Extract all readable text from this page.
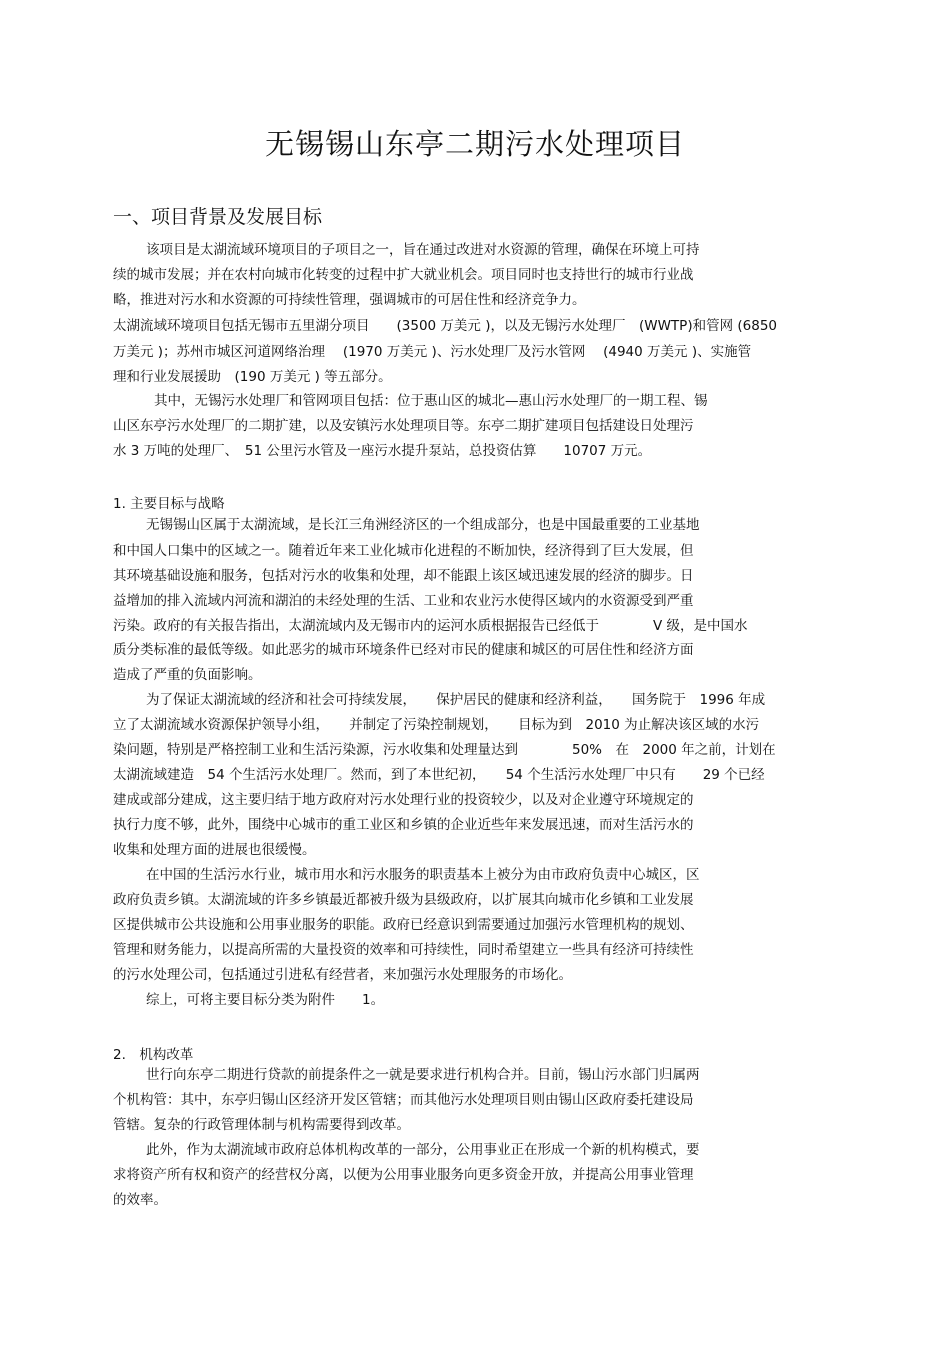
无锡锡山东亭二期污水处理项目
一、项目背景及发展目标
该项目是太湖流域环境项目的子项目之一，旨在通过改进对水资源的管理，确保在环境上可持
续的城市发展；并在农村向城市化转变的过程中扩大就业机会。项目同时也支持世行的城市行业战
略，推进对污水和水资源的可持续性管理，强调城市的可居住性和经济竞争力。
太湖流域环境项目包括无锡市五里湖分项目　　(3500 万美元 )，以及无锡污水处理厂　(WWTP)和管网 (6850
万美元 )；苏州市城区河道网络治理　 (1970 万美元 )、污水处理厂及污水管网　 (4940 万美元 )、实施管
理和行业发展援助　(190 万美元 ) 等五部分。
其中，无锡污水处理厂和管网项目包括：位于惠山区的城北—惠山污水处理厂的一期工程、锡
山区东亭污水处理厂的二期扩建，以及安镇污水处理项目等。东亭二期扩建项目包括建设日处理污
水 3 万吨的处理厂、　51 公里污水管及一座污水提升泵站，总投资估算　　10707 万元。
1. 主要目标与战略
无锡锡山区属于太湖流域，是长江三角洲经济区的一个组成部分，也是中国最重要的工业基地
和中国人口集中的区域之一。随着近年来工业化城市化进程的不断加快，经济得到了巨大发展，但
其环境基础设施和服务，包括对污水的收集和处理，却不能跟上该区域迅速发展的经济的脚步。日
益增加的排入流域内河流和湖泊的未经处理的生活、工业和农业污水使得区域内的水资源受到严重
污染。政府的有关报告指出，太湖流域内及无锡市内的运河水质根据报告已经低于　　　　V 级，是中国水
质分类标准的最低等级。如此恶劣的城市环境条件已经对市民的健康和城区的可居住性和经济方面
造成了严重的负面影响。
为了保证太湖流域的经济和社会可持续发展，　　保护居民的健康和经济利益，　　国务院于　1996 年成
立了太湖流域水资源保护领导小组，　　并制定了污染控制规划，　　目标为到　2010 为止解决该区域的水污
染问题，特别是严格控制工业和生活污染源，污水收集和处理量达到　　　　50%　在　2000 年之前，计划在
太湖流域建造　54 个生活污水处理厂。然而，到了本世纪初，　　54 个生活污水处理厂中只有　　29 个已经
建成或部分建成，这主要归结于地方政府对污水处理行业的投资较少，以及对企业遵守环境规定的
执行力度不够，此外，围绕中心城市的重工业区和乡镇的企业近些年来发展迅速，而对生活污水的
收集和处理方面的进展也很缓慢。
在中国的生活污水行业，城市用水和污水服务的职责基本上被分为由市政府负责中心城区，区
政府负责乡镇。太湖流域的许多乡镇最近都被升级为县级政府，以扩展其向城市化乡镇和工业发展
区提供城市公共设施和公用事业服务的职能。政府已经意识到需要通过加强污水管理机构的规划、
管理和财务能力，以提高所需的大量投资的效率和可持续性，同时希望建立一些具有经济可持续性
的污水处理公司，包括通过引进私有经营者，来加强污水处理服务的市场化。
综上，可将主要目标分类为附件　　1。
2.　机构改革
世行向东亭二期进行贷款的前提条件之一就是要求进行机构合并。目前，锡山污水部门归属两
个机构管：其中，东亭归锡山区经济开发区管辖；而其他污水处理项目则由锡山区政府委托建设局
管辖。复杂的行政管理体制与机构需要得到改革。
此外，作为太湖流域市政府总体机构改革的一部分，公用事业正在形成一个新的机构模式，要
求将资产所有权和资产的经营权分离，以便为公用事业服务向更多资金开放，并提高公用事业管理
的效率。
